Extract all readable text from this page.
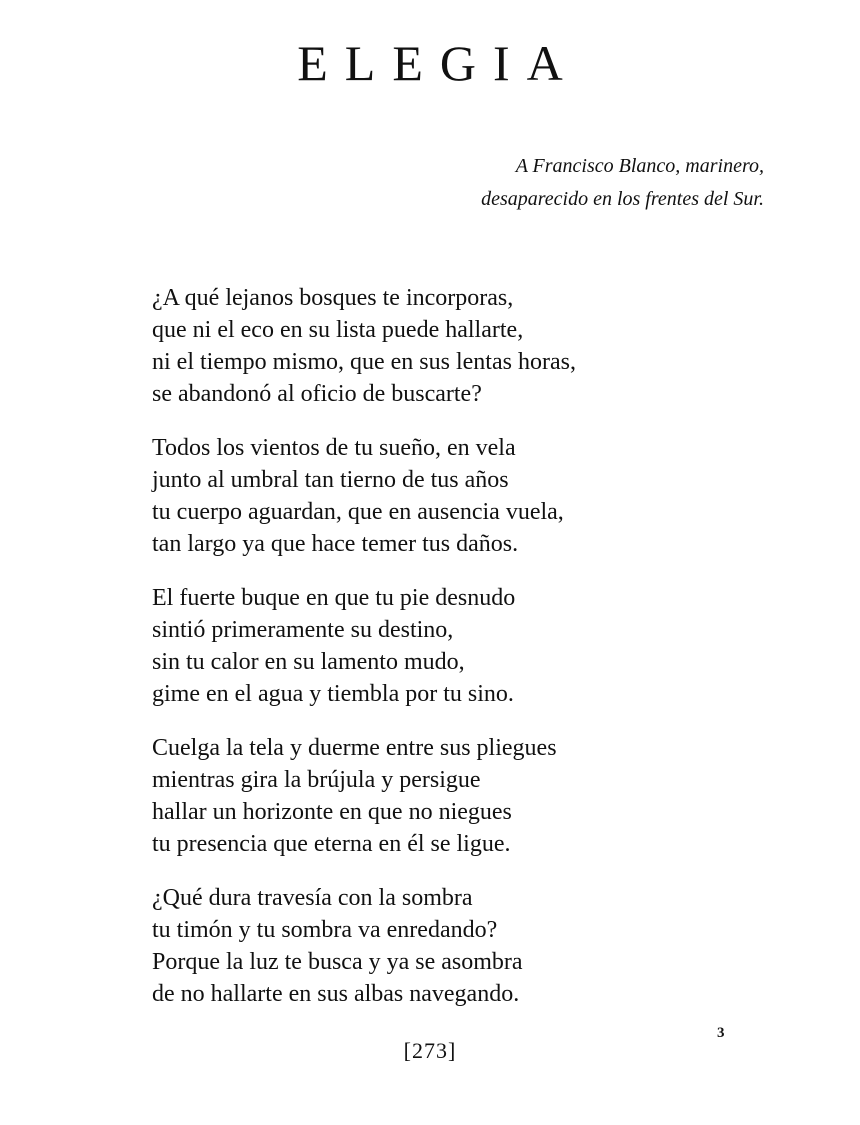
ELEGIA
A Francisco Blanco, marinero,
desaparecido en los frentes del Sur.
¿A qué lejanos bosques te incorporas,
que ni el eco en su lista puede hallarte,
ni el tiempo mismo, que en sus lentas horas,
se abandonó al oficio de buscarte?
Todos los vientos de tu sueño, en vela
junto al umbral tan tierno de tus años
tu cuerpo aguardan, que en ausencia vuela,
tan largo ya que hace temer tus daños.
El fuerte buque en que tu pie desnudo
sintió primeramente su destino,
sin tu calor en su lamento mudo,
gime en el agua y tiembla por tu sino.
Cuelga la tela y duerme entre sus pliegues
mientras gira la brújula y persigue
hallar un horizonte en que no niegues
tu presencia que eterna en él se ligue.
¿Qué dura travesía con la sombra
tu timón y tu sombra va enredando?
Porque la luz te busca y ya se asombra
de no hallarte en sus albas navegando.
[273]
3
